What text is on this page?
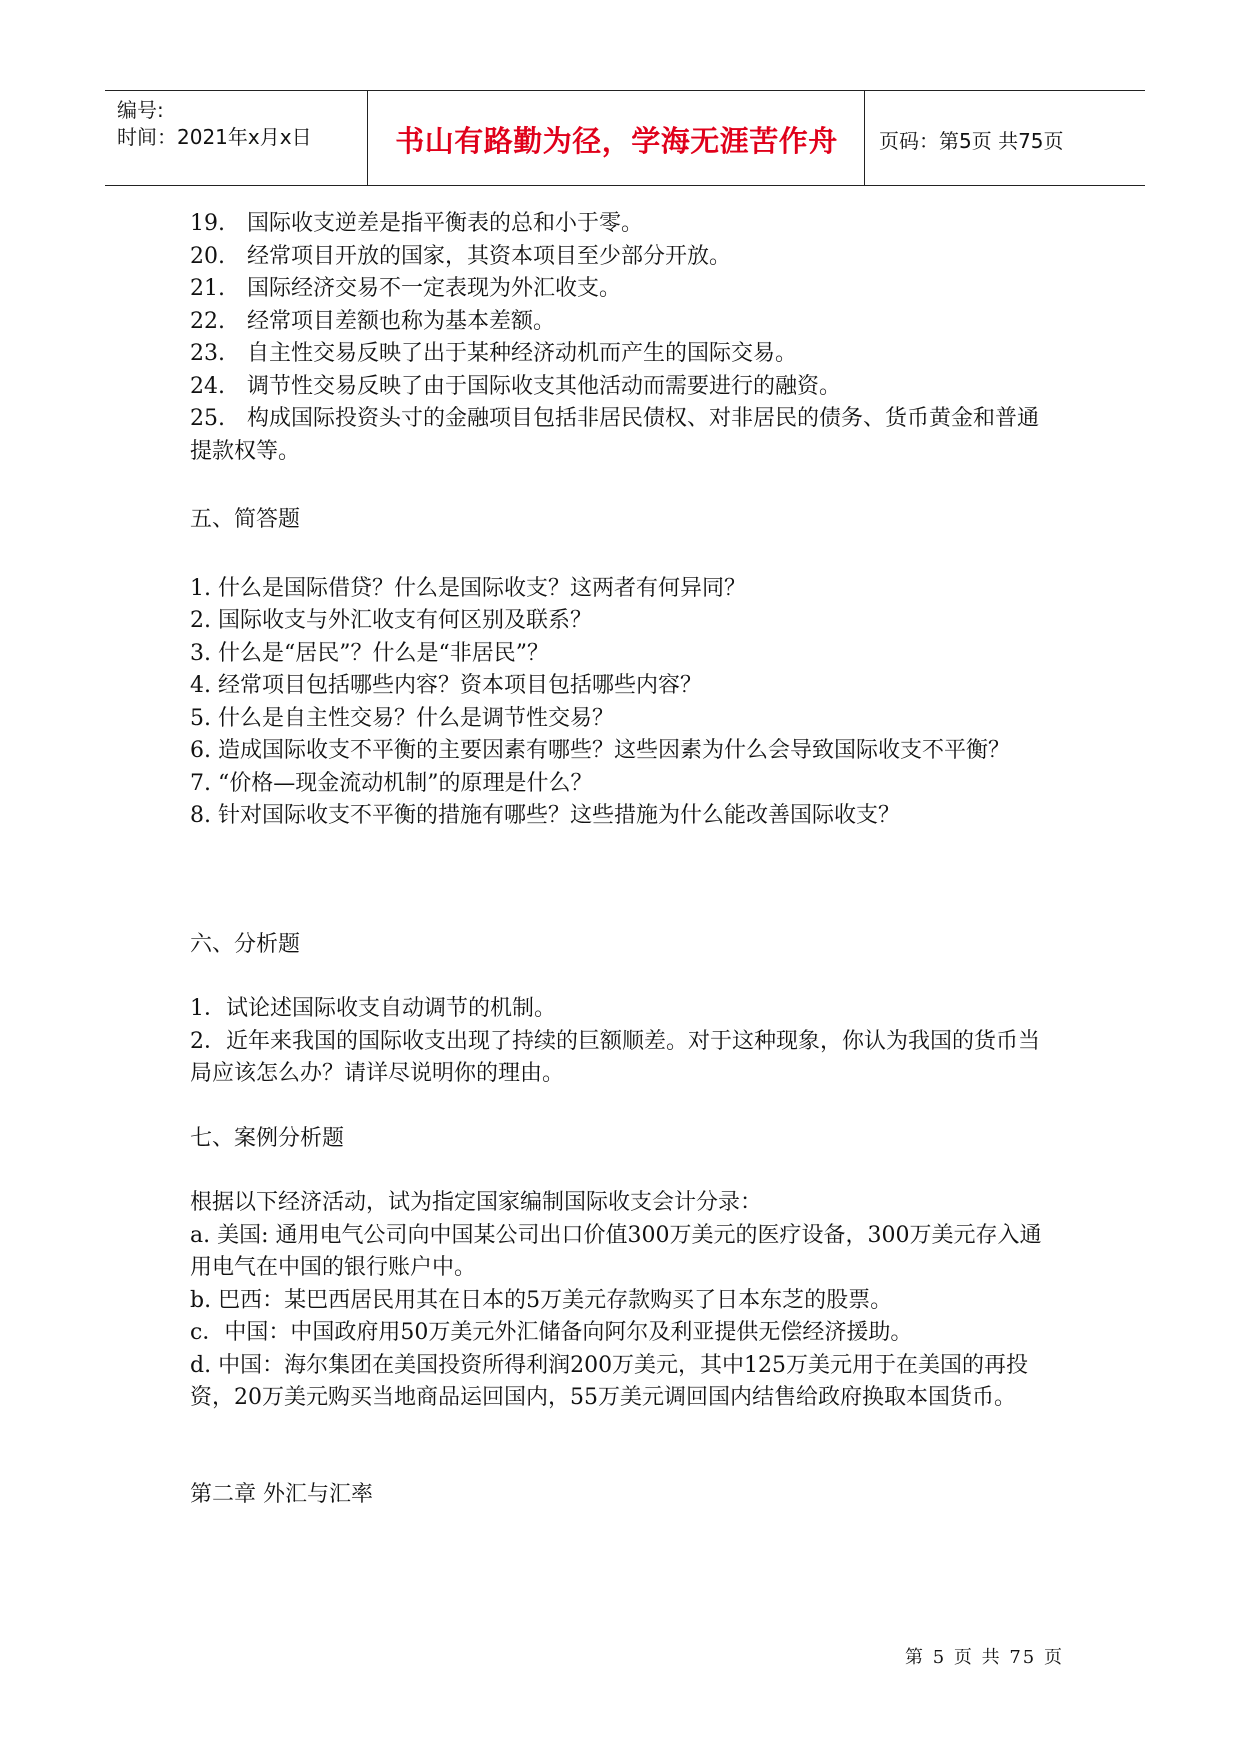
编号:
时间：2021年x月x日	书山有路勤为径，学海无涯苦作舟	页码：第5页 共75页

19.　国际收支逆差是指平衡表的总和小于零。

20.　经常项目开放的国家，其资本项目至少部分开放。

21.　国际经济交易不一定表现为外汇收支。

22.　经常项目差额也称为基本差额。

23.　自主性交易反映了出于某种经济动机而产生的国际交易。

24.　调节性交易反映了由于国际收支其他活动而需要进行的融资。

25.　构成国际投资头寸的金融项目包括非居民债权、对非居民的债务、货币黄金和普通提款权等。

五、简答题

1. 什么是国际借贷？什么是国际收支？这两者有何异同？

2. 国际收支与外汇收支有何区别及联系？

3. 什么是“居民”？什么是“非居民”？

4. 经常项目包括哪些内容？资本项目包括哪些内容？

5. 什么是自主性交易？什么是调节性交易？

6. 造成国际收支不平衡的主要因素有哪些？这些因素为什么会导致国际收支不平衡？

7. “价格—现金流动机制”的原理是什么？

8. 针对国际收支不平衡的措施有哪些？这些措施为什么能改善国际收支？

六、分析题

1．试论述国际收支自动调节的机制。

2．近年来我国的国际收支出现了持续的巨额顺差。对于这种现象，你认为我国的货币当局应该怎么办？请详尽说明你的理由。

七、案例分析题

根据以下经济活动，试为指定国家编制国际收支会计分录：

a. 美国: 通用电气公司向中国某公司出口价值300万美元的医疗设备，300万美元存入通用电气在中国的银行账户中。

b. 巴西：某巴西居民用其在日本的5万美元存款购买了日本东芝的股票。

c．中国：中国政府用50万美元外汇储备向阿尔及利亚提供无偿经济援助。

d. 中国：海尔集团在美国投资所得利润200万美元，其中125万美元用于在美国的再投资，20万美元购买当地商品运回国内，55万美元调回国内结售给政府换取本国货币。

第二章 外汇与汇率

第 5 页 共 75 页
